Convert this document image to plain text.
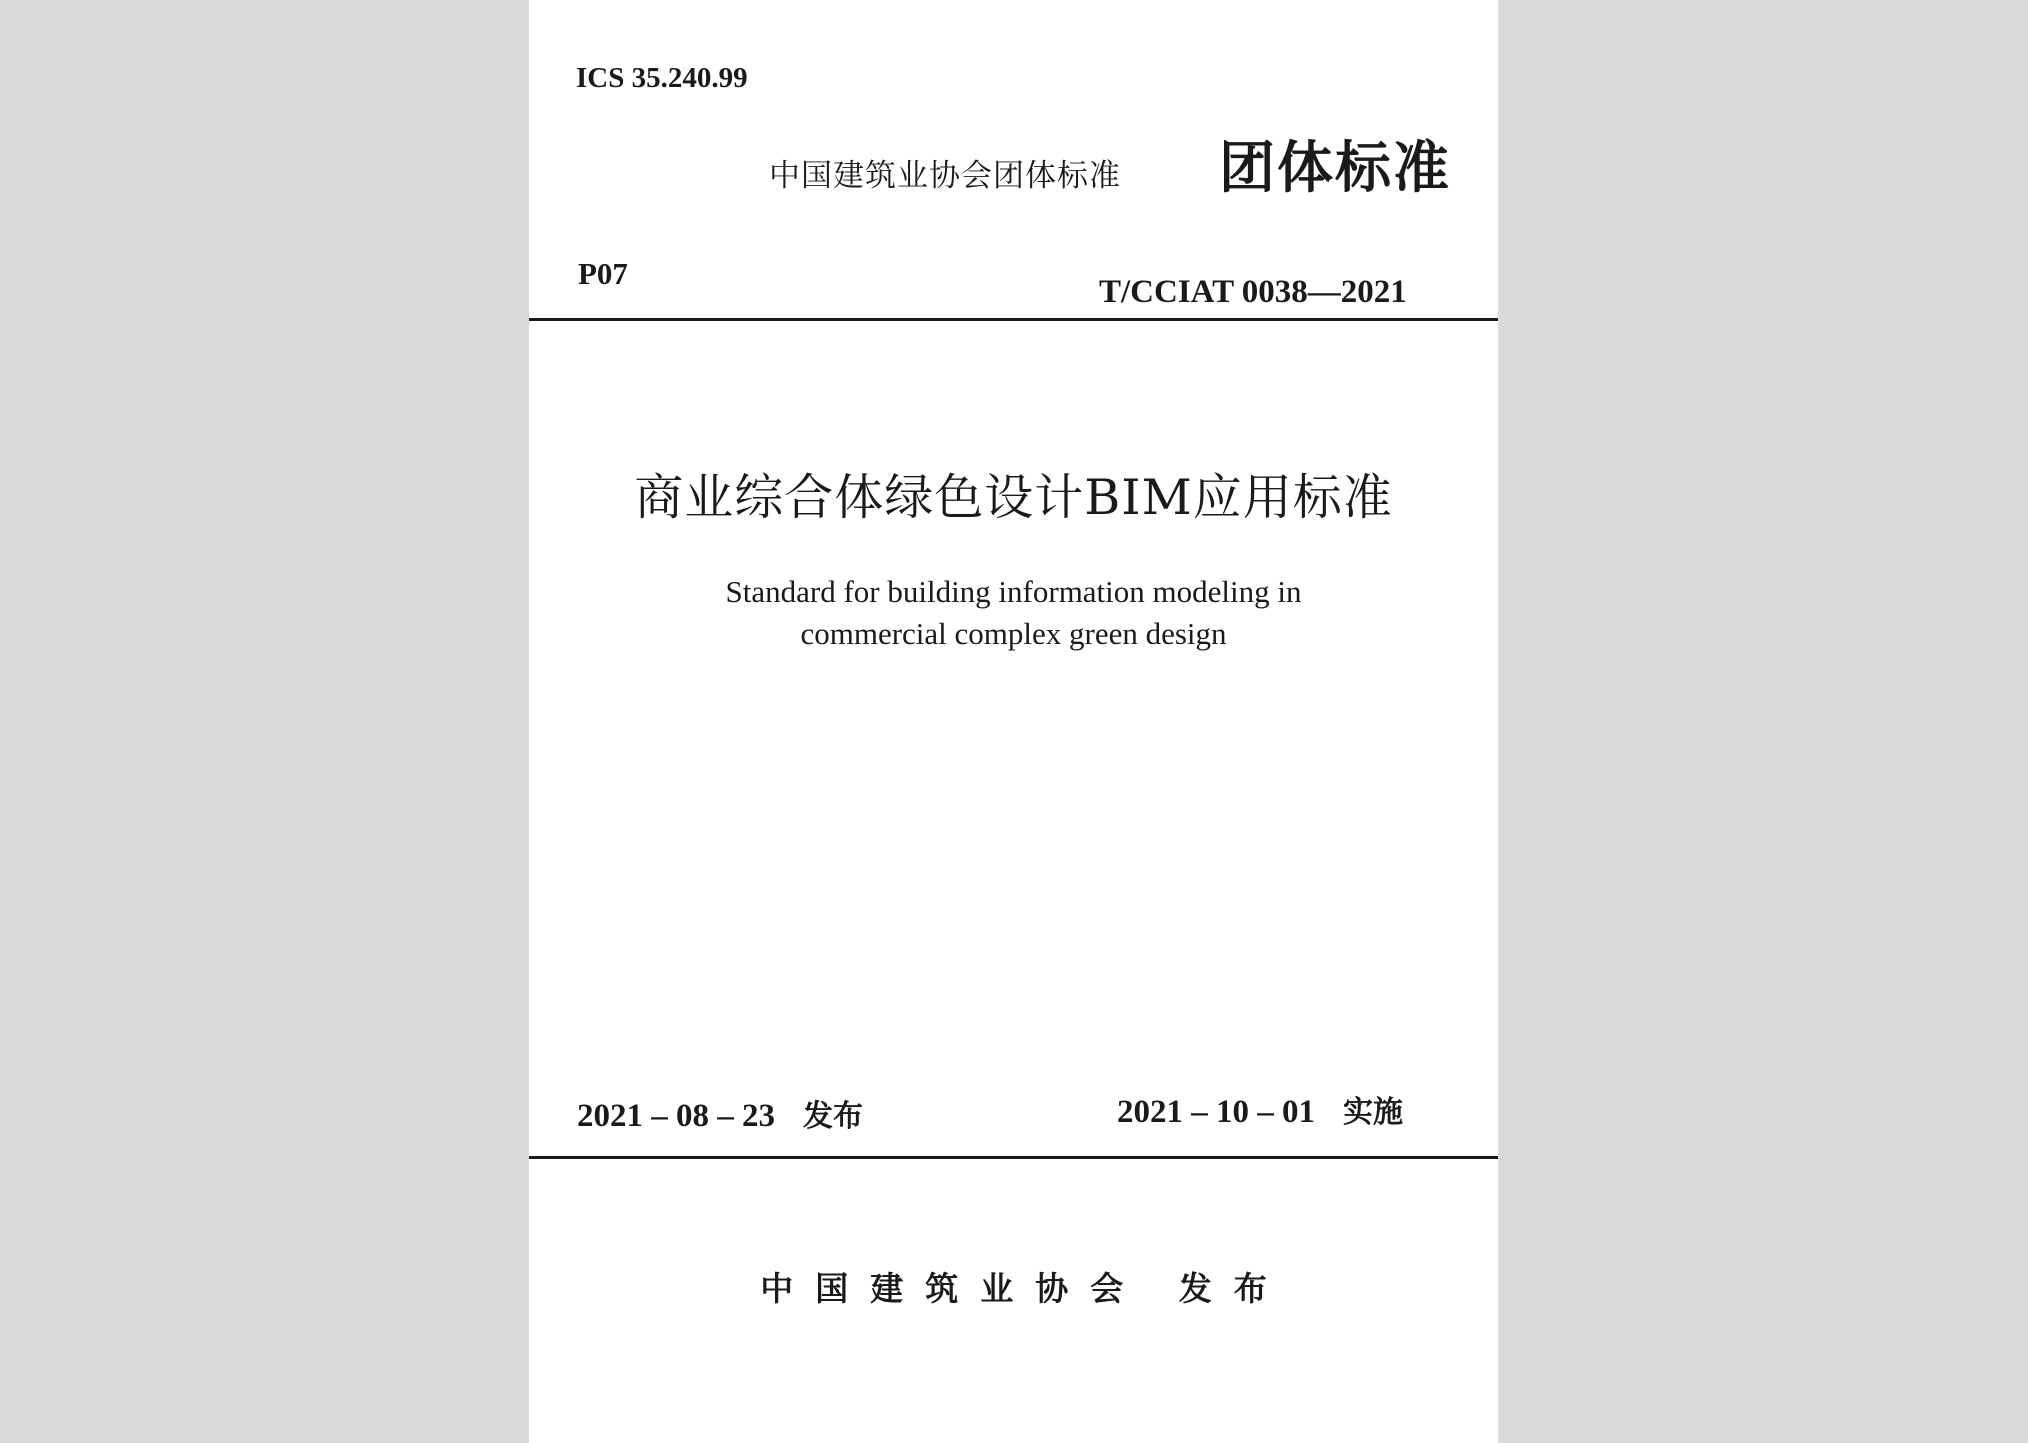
ICS 35.240.99
中国建筑业协会团体标准 团体标准
P07
T/CCIAT 0038—2021
商业综合体绿色设计BIM应用标准
Standard for building information modeling in
commercial complex green design
2021 – 08 – 23 发布	2021 – 10 – 01 实施
中国建筑业协会 发布
